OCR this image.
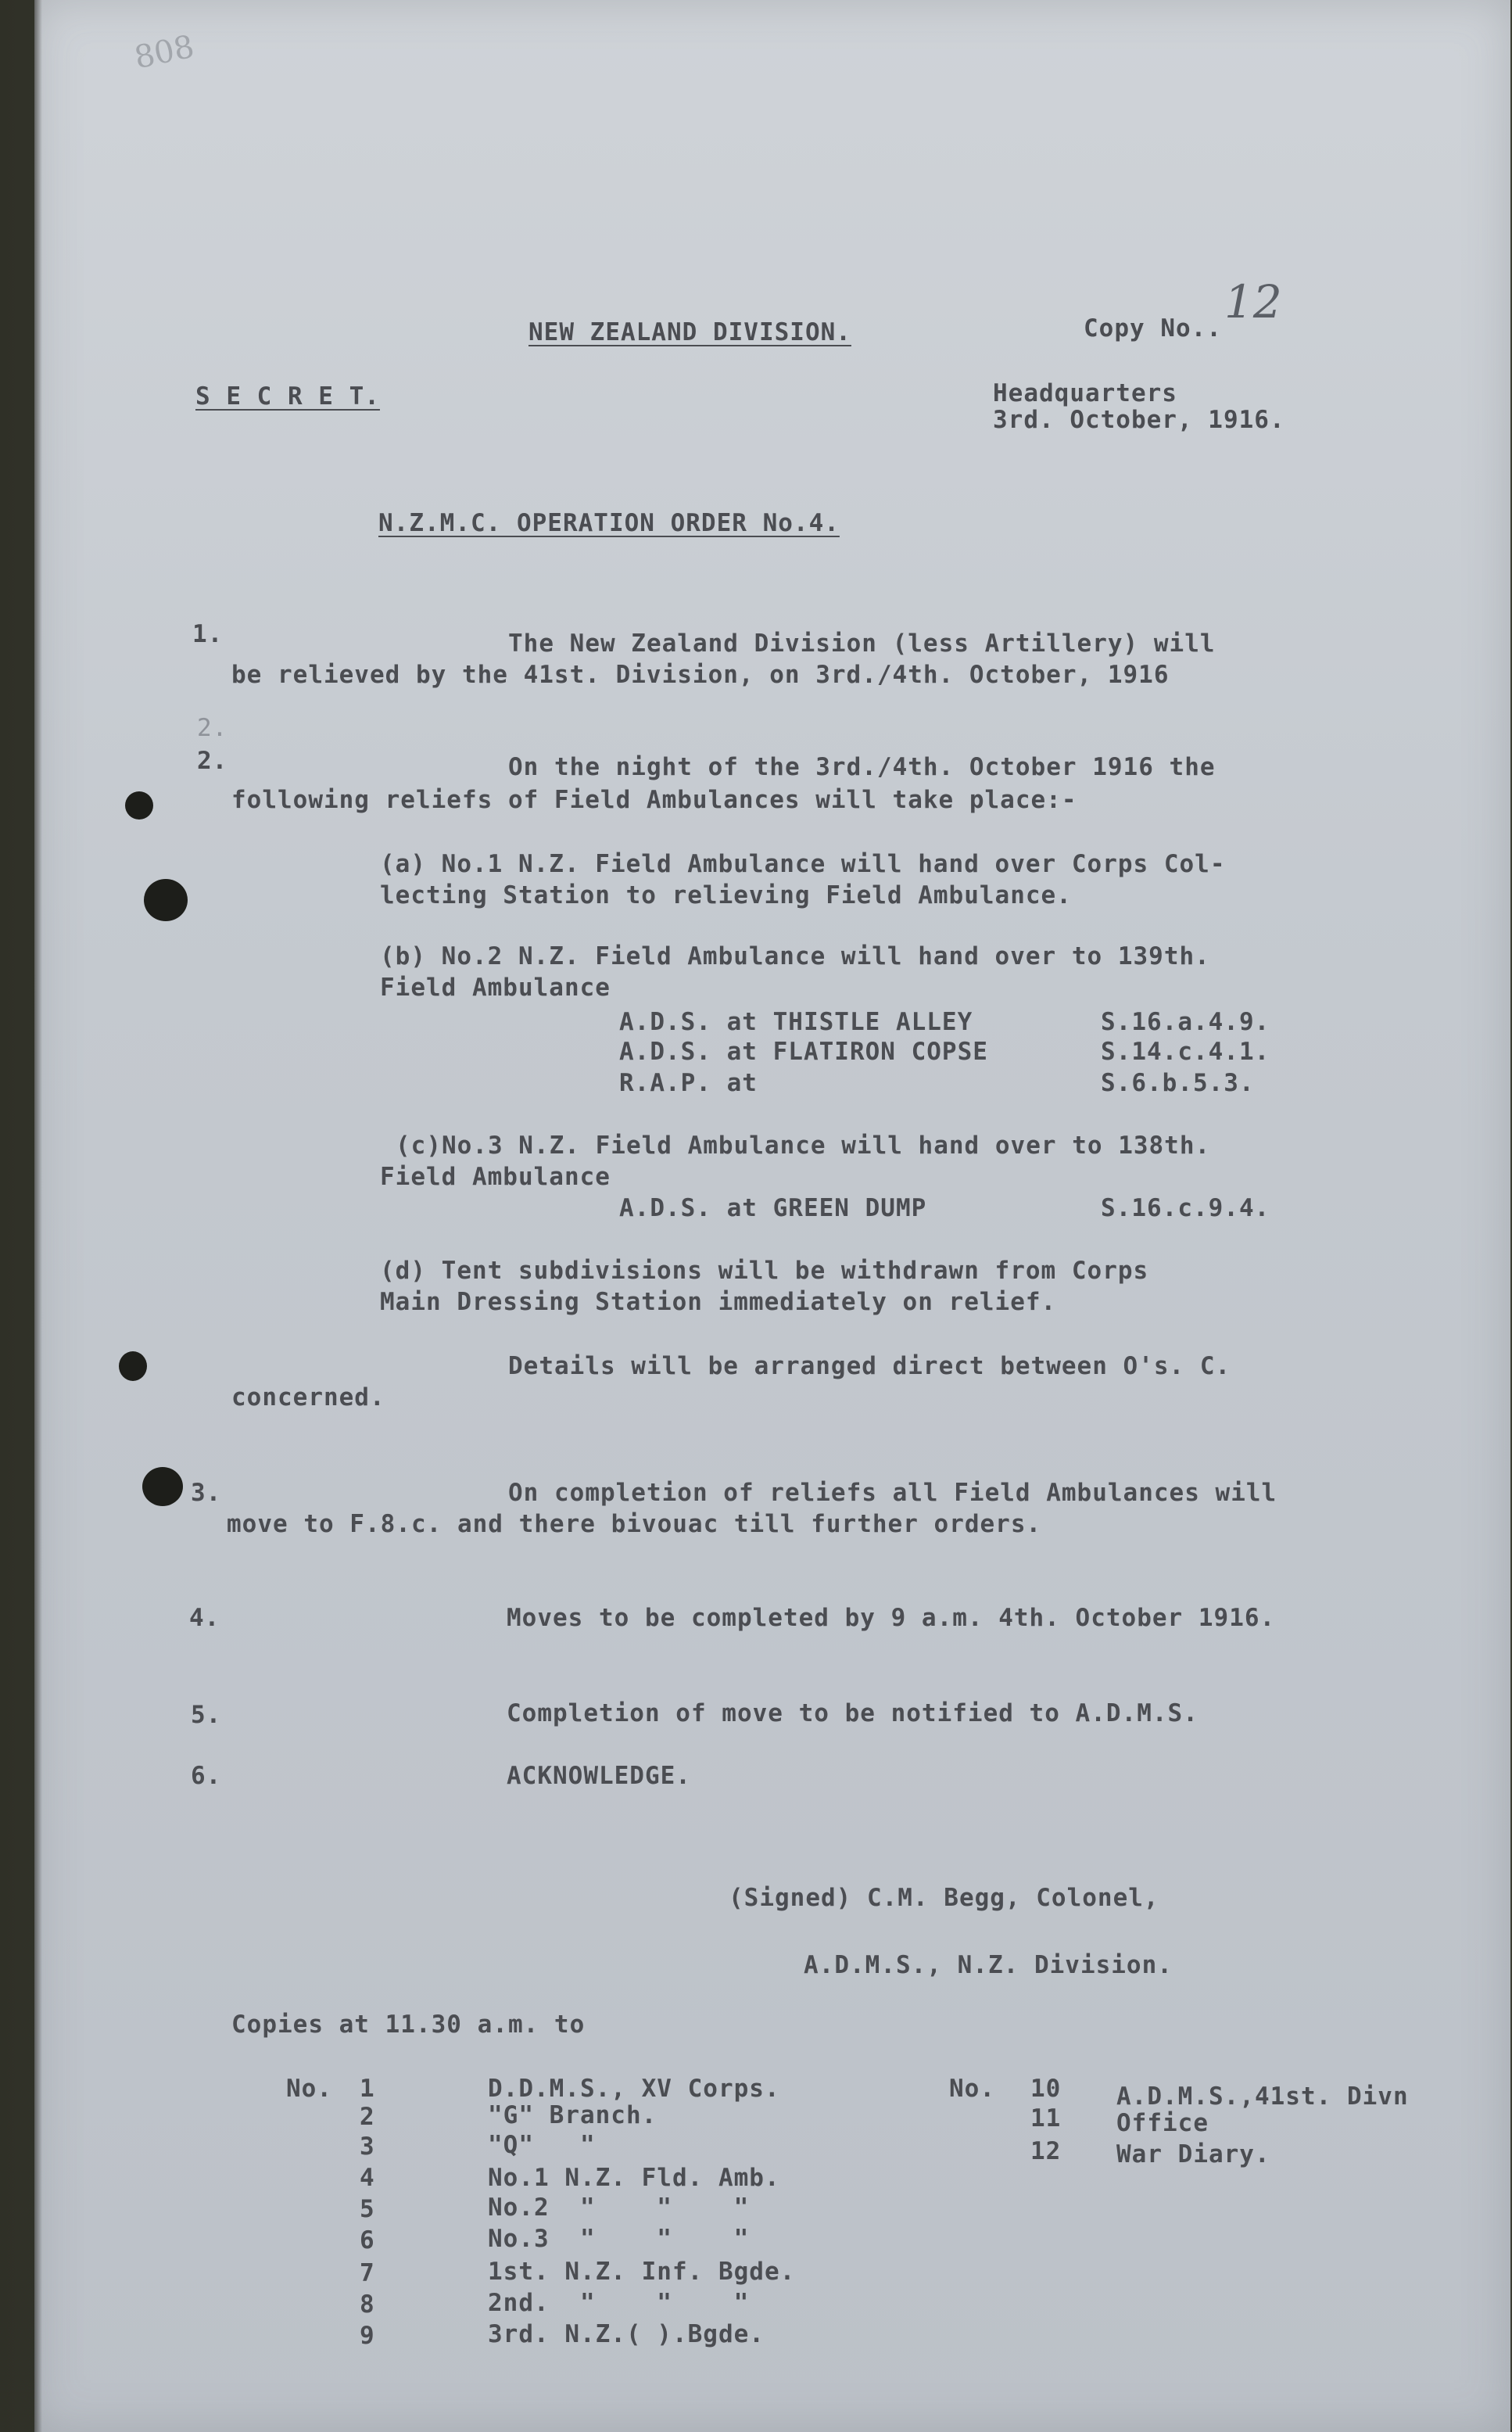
808
NEW ZEALAND DIVISION.	Copy No.. 12
S E C R E T.	Headquarters
3rd. October, 1916.
N.Z.M.C. OPERATION ORDER No.4.
1.	The New Zealand Division (less Artillery) will
be relieved by the 41st. Division, on 3rd./4th. October, 1916
2.
2.	On the night of the 3rd./4th. October 1916 the
following reliefs of Field Ambulances will take place:-
(a) No.1 N.Z. Field Ambulance will hand over Corps Col-
lecting Station to relieving Field Ambulance.
(b) No.2 N.Z. Field Ambulance will hand over to 139th.
Field Ambulance
A.D.S. at THISTLE ALLEY	S.16.a.4.9.
A.D.S. at FLATIRON COPSE	S.14.c.4.1.
R.A.P. at	S.6.b.5.3.
(c)No.3 N.Z. Field Ambulance will hand over to 138th.
Field Ambulance
A.D.S. at GREEN DUMP	S.16.c.9.4.
(d) Tent subdivisions will be withdrawn from Corps
Main Dressing Station immediately on relief.
Details will be arranged direct between O's. C.
concerned.
3.	On completion of reliefs all Field Ambulances will
move to F.8.c. and there bivouac till further orders.
4.	Moves to be completed by 9 a.m. 4th. October 1916.
5.	Completion of move to be notified to A.D.M.S.
6.	ACKNOWLEDGE.
(Signed) C.M. Begg, Colonel,
A.D.M.S., N.Z. Division.
Copies at 11.30 a.m. to
No.	No.
1	D.D.M.S., XV Corps.
2	"G" Branch.
3	"Q"   "
4	No.1 N.Z. Fld. Amb.
5	No.2  "    "    "
6	No.3  "    "    "
7	1st. N.Z. Inf. Bgde.
8	2nd.  "    "    "
9	3rd. N.Z.( ).Bgde.
10 A.D.M.S.,41st. Divn
11 Office
12 War Diary.
